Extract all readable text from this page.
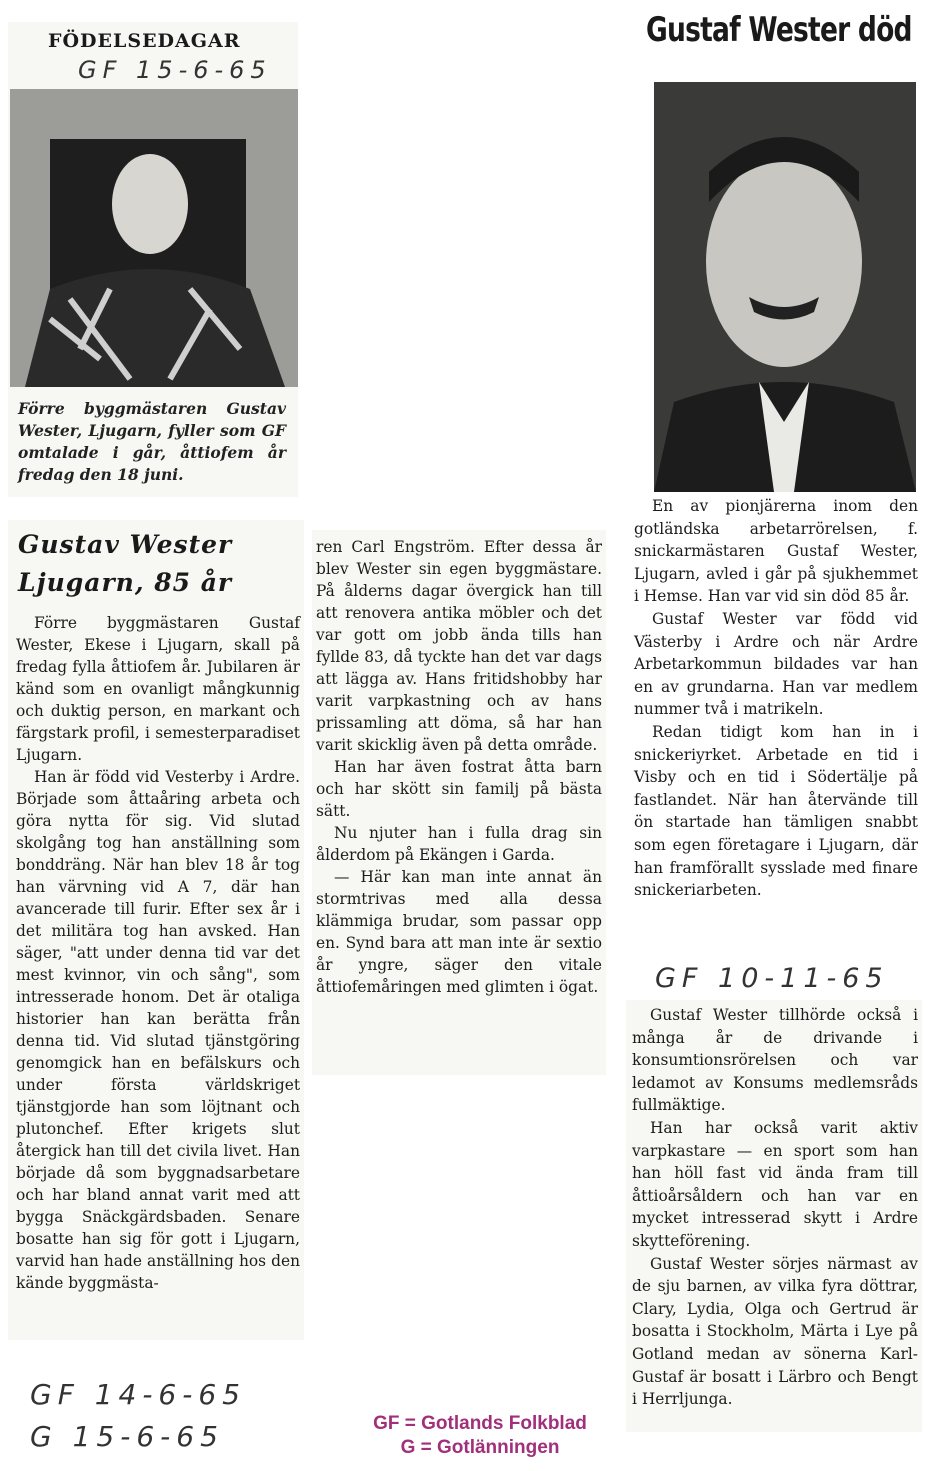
FÖDELSEDAGAR
GF 15-6-65
Förre byggmästaren Gustav Wester, Ljugarn, fyller som GF omtalade i går, åttiofem år fredag den 18 juni.
Gustaf Wester död
Gustav Wester
Ljugarn, 85 år

Förre byggmästaren Gustaf Wester, Ekese i Ljugarn, skall på fredag fylla åttiofem år. Jubilaren är känd som en ovanligt mångkunnig och duktig person, en markant och färgstark profil, i semesterparadiset Ljugarn.

Han är född vid Vesterby i Ardre. Började som åttaåring arbeta och göra nytta för sig. Vid slutad skolgång tog han anställning som bonddräng. När han blev 18 år tog han värvning vid A 7, där han avancerade till furir. Efter sex år i det militära tog han avsked. Han säger, "att under denna tid var det mest kvinnor, vin och sång", som intresserade honom. Det är otaliga historier han kan berätta från denna tid. Vid slutad tjänstgöring genomgick han en befälskurs och under första världskriget tjänstgjorde han som löjtnant och plutonchef. Efter krigets slut återgick han till det civila livet. Han började då som byggnadsarbetare och har bland annat varit med att bygga Snäckgärdsbaden. Senare bosatte han sig för gott i Ljugarn, varvid han hade anställning hos den kände byggmästa-

ren Carl Engström. Efter dessa år blev Wester sin egen byggmästare. På ålderns dagar övergick han till att renovera antika möbler och det var gott om jobb ända tills han fyllde 83, då tyckte han det var dags att lägga av. Hans fritidshobby har varit varpkastning och av hans prissamling att döma, så har han varit skicklig även på detta område.

Han har även fostrat åtta barn och har skött sin familj på bästa sätt.

Nu njuter han i fulla drag sin ålderdom på Ekängen i Garda.

— Här kan man inte annat än stormtrivas med alla dessa klämmiga brudar, som passar opp en. Synd bara att man inte är sextio år yngre, säger den vitale åttiofemåringen med glimten i ögat.

GF 14-6-65
G 15-6-65

En av pionjärerna inom den gotländska arbetarrörelsen, f. snickarmästaren Gustaf Wester, Ljugarn, avled i går på sjukhemmet i Hemse. Han var vid sin död 85 år.

Gustaf Wester var född vid Västerby i Ardre och när Ardre Arbetarkommun bildades var han en av grundarna. Han var medlem nummer två i matrikeln.

Redan tidigt kom han in i snickeriyrket. Arbetade en tid i Visby och en tid i Södertälje på fastlandet. När han återvände till ön startade han tämligen snabbt som egen företagare i Ljugarn, där han framförallt sysslade med finare snickeriarbeten.

GF 10-11-65

Gustaf Wester tillhörde också i många år de drivande i konsumtionsrörelsen och var ledamot av Konsums medlemsråds fullmäktige.

Han har också varit aktiv varpkastare — en sport som han han höll fast vid ända fram till åttioårsåldern och han var en mycket intresserad skytt i Ardre skytteförening.

Gustaf Wester sörjes närmast av de sju barnen, av vilka fyra döttrar, Clary, Lydia, Olga och Gertrud är bosatta i Stockholm, Märta i Lye på Gotland medan av sönerna Karl-Gustaf är bosatt i Lärbro och Bengt i Herrljunga.

GF = Gotlands Folkblad
G = Gotlänningen
